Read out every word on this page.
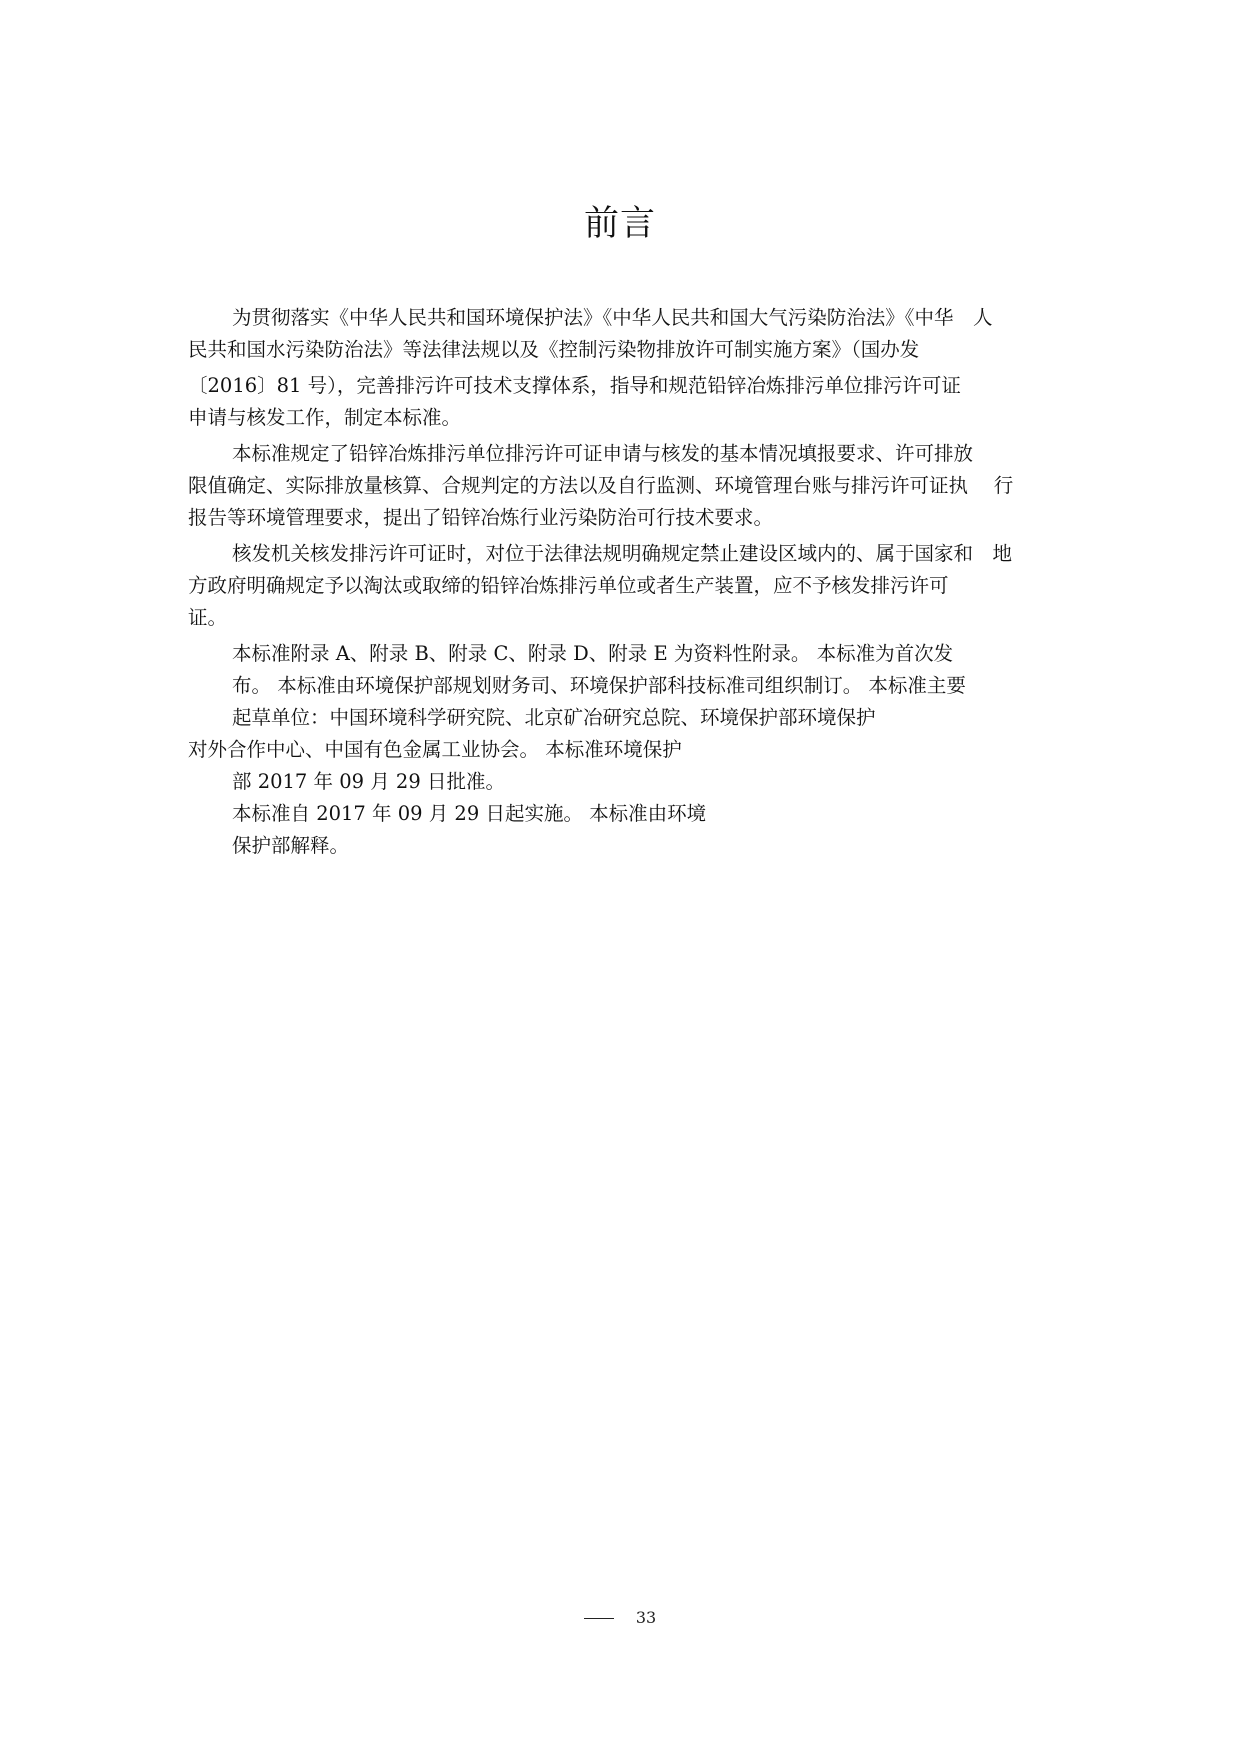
前言
为贯彻落实《中华人民共和国环境保护法》《中华人民共和国大气污染防治法》《中华　人
民共和国水污染防治法》等法律法规以及《控制污染物排放许可制实施方案》（国办发
〔2016〕81 号），完善排污许可技术支撑体系，指导和规范铅锌冶炼排污单位排污许可证
申请与核发工作，制定本标准。
本标准规定了铅锌冶炼排污单位排污许可证申请与核发的基本情况填报要求、许可排放
限值确定、实际排放量核算、合规判定的方法以及自行监测、环境管理台账与排污许可证执　 行
报告等环境管理要求，提出了铅锌冶炼行业污染防治可行技术要求。
核发机关核发排污许可证时，对位于法律法规明确规定禁止建设区域内的、属于国家和　地
方政府明确规定予以淘汰或取缔的铅锌冶炼排污单位或者生产装置，应不予核发排污许可
证。
本标准附录 A、附录 B、附录 C、附录 D、附录 E 为资料性附录。 本标准为首次发
布。 本标准由环境保护部规划财务司、环境保护部科技标准司组织制订。 本标准主要
起草单位：中国环境科学研究院、北京矿冶研究总院、环境保护部环境保护
对外合作中心、中国有色金属工业协会。 本标准环境保护
部 2017 年 09 月 29 日批准。
本标准自 2017 年 09 月 29 日起实施。 本标准由环境
保护部解释。
33
